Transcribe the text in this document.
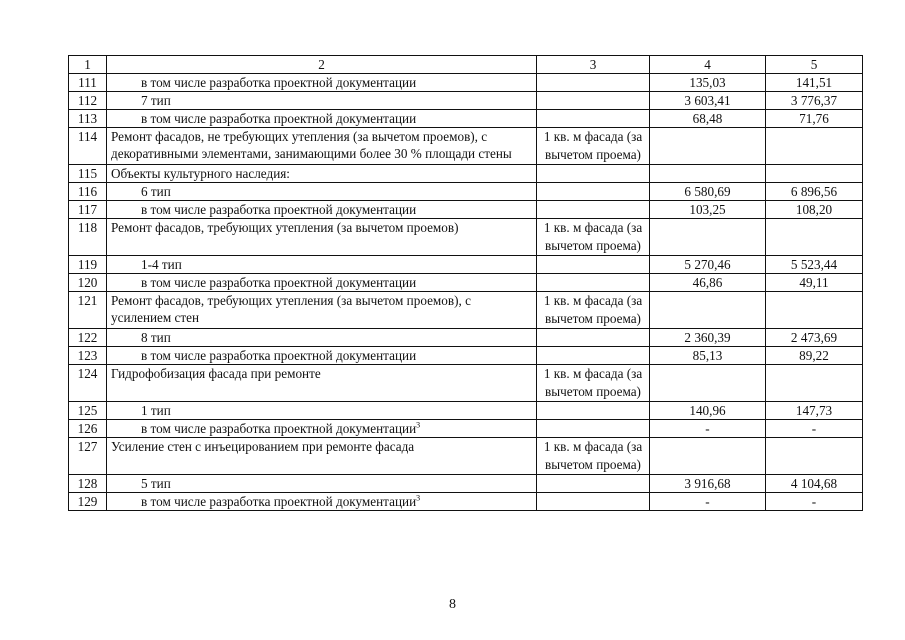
1	2	3	4	5
111	в том числе разработка проектной документации		135,03	141,51
112	7 тип		3 603,41	3 776,37
113	в том числе разработка проектной документации		68,48	71,76
114	Ремонт фасадов, не требующих утепления (за вычетом проемов), с декоративными элементами, занимающими более 30 % площади стены	1 кв. м фасада (за вычетом проема)		
115	Объекты культурного наследия:			
116	6 тип		6 580,69	6 896,56
117	в том числе разработка проектной документации		103,25	108,20
118	Ремонт фасадов, требующих утепления (за вычетом проемов)	1 кв. м фасада (за вычетом проема)		
119	1-4 тип		5 270,46	5 523,44
120	в том числе разработка проектной документации		46,86	49,11
121	Ремонт фасадов, требующих утепления (за вычетом проемов), с усилением стен	1 кв. м фасада (за вычетом проема)		
122	8 тип		2 360,39	2 473,69
123	в том числе разработка проектной документации		85,13	89,22
124	Гидрофобизация фасада при ремонте	1 кв. м фасада (за вычетом проема)		
125	1 тип		140,96	147,73
126	в том числе разработка проектной документации$^3$		-	-
127	Усиление стен с инъецированием при ремонте фасада	1 кв. м фасада (за вычетом проема)		
128	5 тип		3 916,68	4 104,68
129	в том числе разработка проектной документации$^3$		-	-
8
